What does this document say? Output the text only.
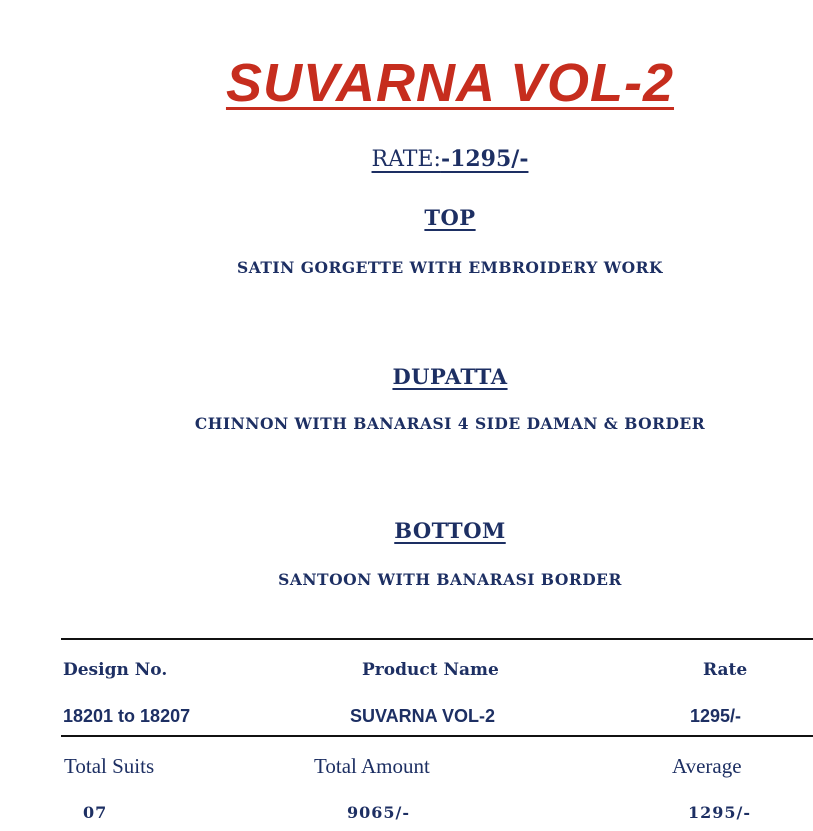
SUVARNA VOL-2
RATE:-1295/-
TOP
SATIN GORGETTE WITH EMBROIDERY WORK
DUPATTA
CHINNON WITH BANARASI 4 SIDE DAMAN & BORDER
BOTTOM
SANTOON WITH BANARASI BORDER
Design No.	Product Name	Rate
18201 to 18207	SUVARNA VOL-2	1295/-
Total Suits	Total Amount	Average
07	9065/-	1295/-
